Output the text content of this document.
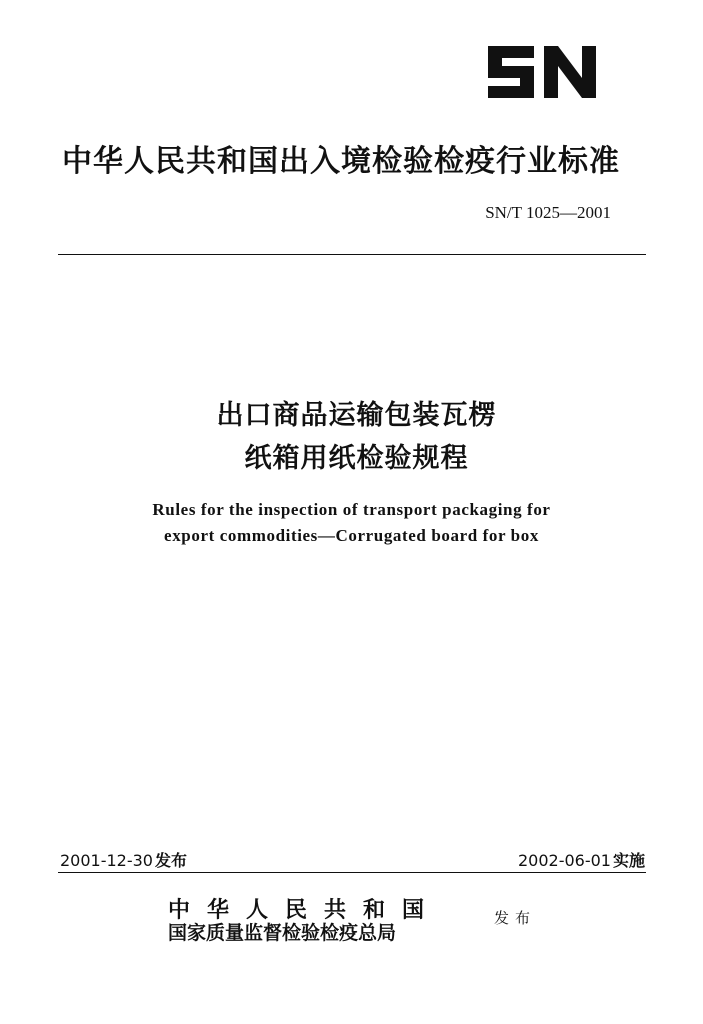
中华人民共和国出入境检验检疫行业标准
SN/T 1025—2001
出口商品运输包装瓦楞
纸箱用纸检验规程
Rules for the inspection of transport packaging for
export commodities—Corrugated board for box
2001-12-30 发布	2002-06-01 实施
中华人民共和国
国家质量监督检验检疫总局
发布
